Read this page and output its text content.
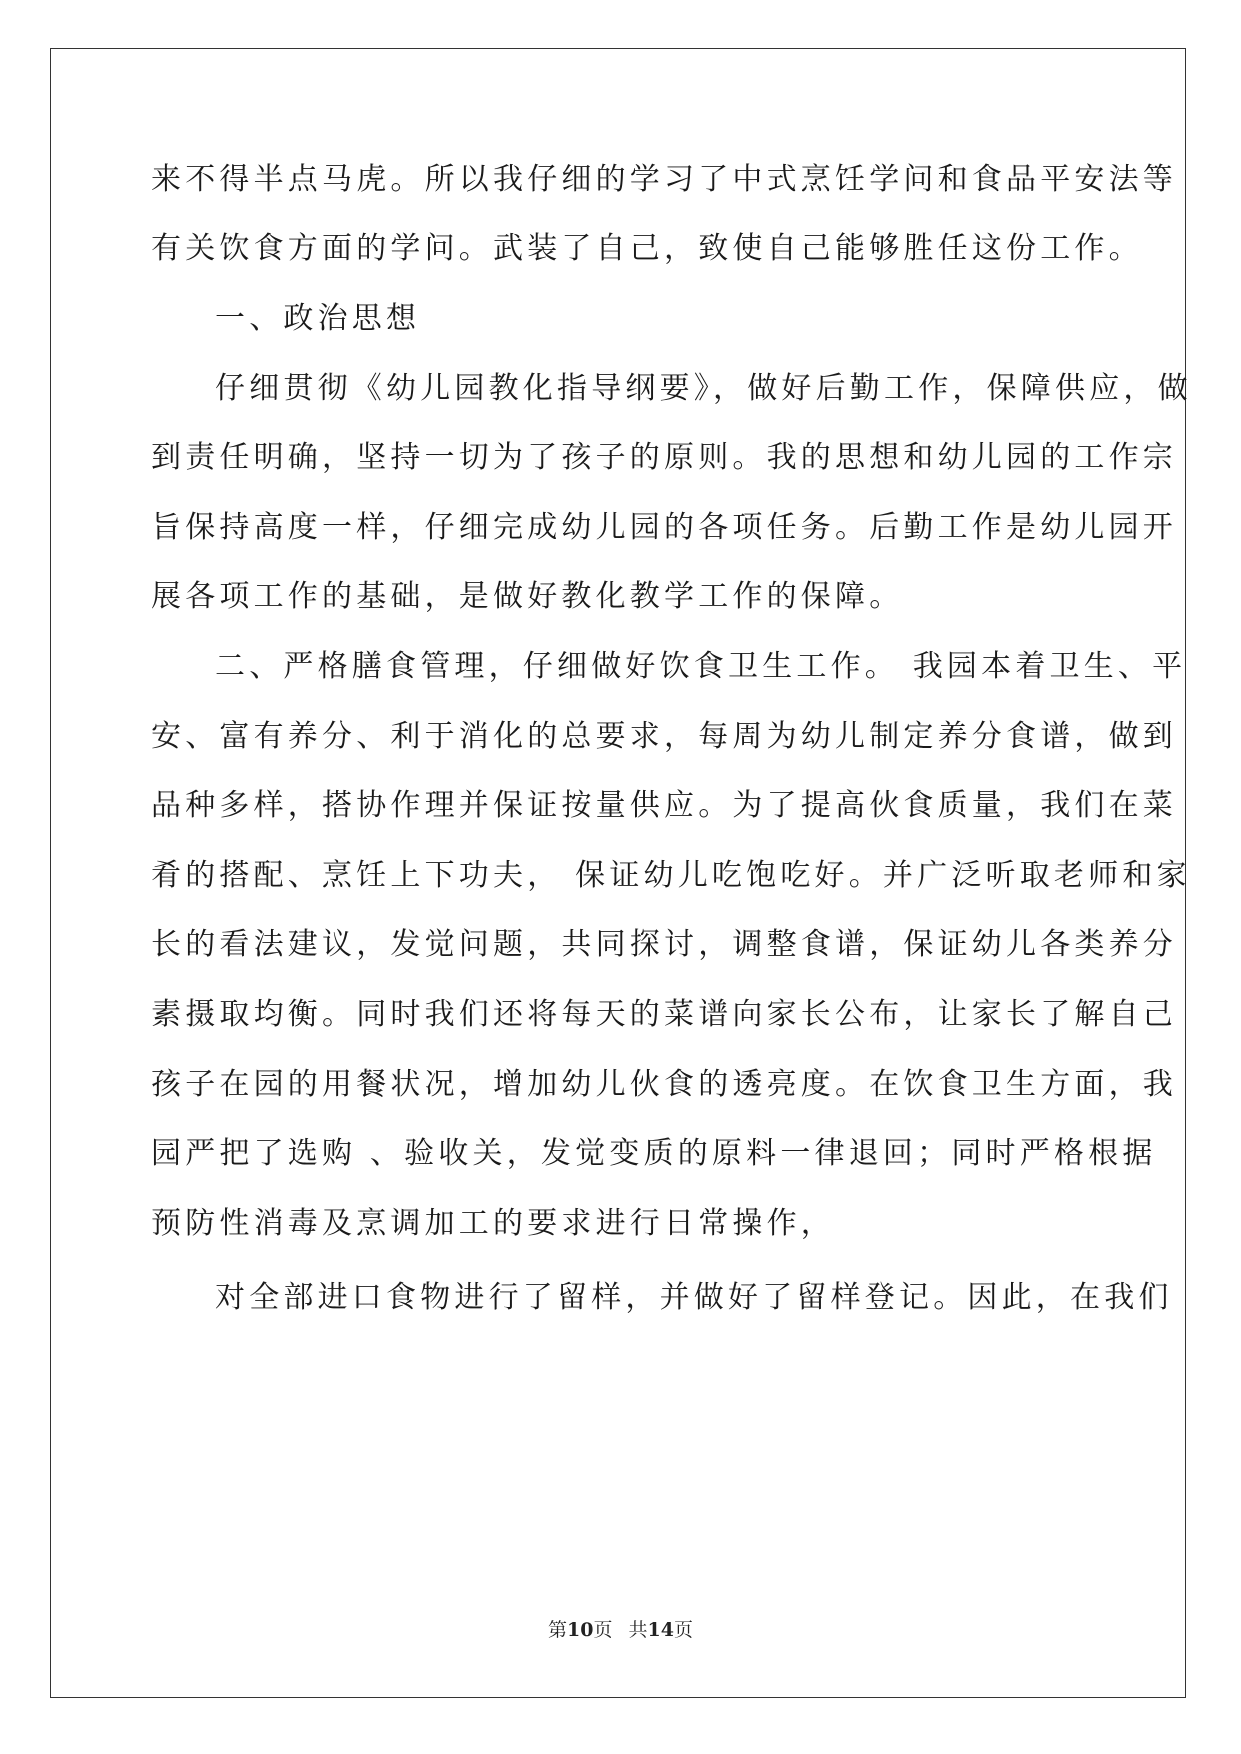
来不得半点马虎。所以我仔细的学习了中式烹饪学问和食品平安法等
有关饮食方面的学问。武装了自己，致使自己能够胜任这份工作。
一、政治思想
仔细贯彻《幼儿园教化指导纲要》，做好后勤工作，保障供应，做
到责任明确，坚持一切为了孩子的原则。我的思想和幼儿园的工作宗
旨保持高度一样，仔细完成幼儿园的各项任务。后勤工作是幼儿园开
展各项工作的基础，是做好教化教学工作的保障。
二、严格膳食管理，仔细做好饮食卫生工作。 我园本着卫生、平
安、富有养分、利于消化的总要求，每周为幼儿制定养分食谱，做到
品种多样，搭协作理并保证按量供应。为了提高伙食质量，我们在菜
肴的搭配、烹饪上下功夫， 保证幼儿吃饱吃好。并广泛听取老师和家
长的看法建议，发觉问题，共同探讨，调整食谱，保证幼儿各类养分
素摄取均衡。同时我们还将每天的菜谱向家长公布，让家长了解自己
孩子在园的用餐状况，增加幼儿伙食的透亮度。在饮食卫生方面，我
园严把了选购 、验收关，发觉变质的原料一律退回；同时严格根据
预防性消毒及烹调加工的要求进行日常操作，
对全部进口食物进行了留样，并做好了留样登记。因此，在我们
第10页 共14页
